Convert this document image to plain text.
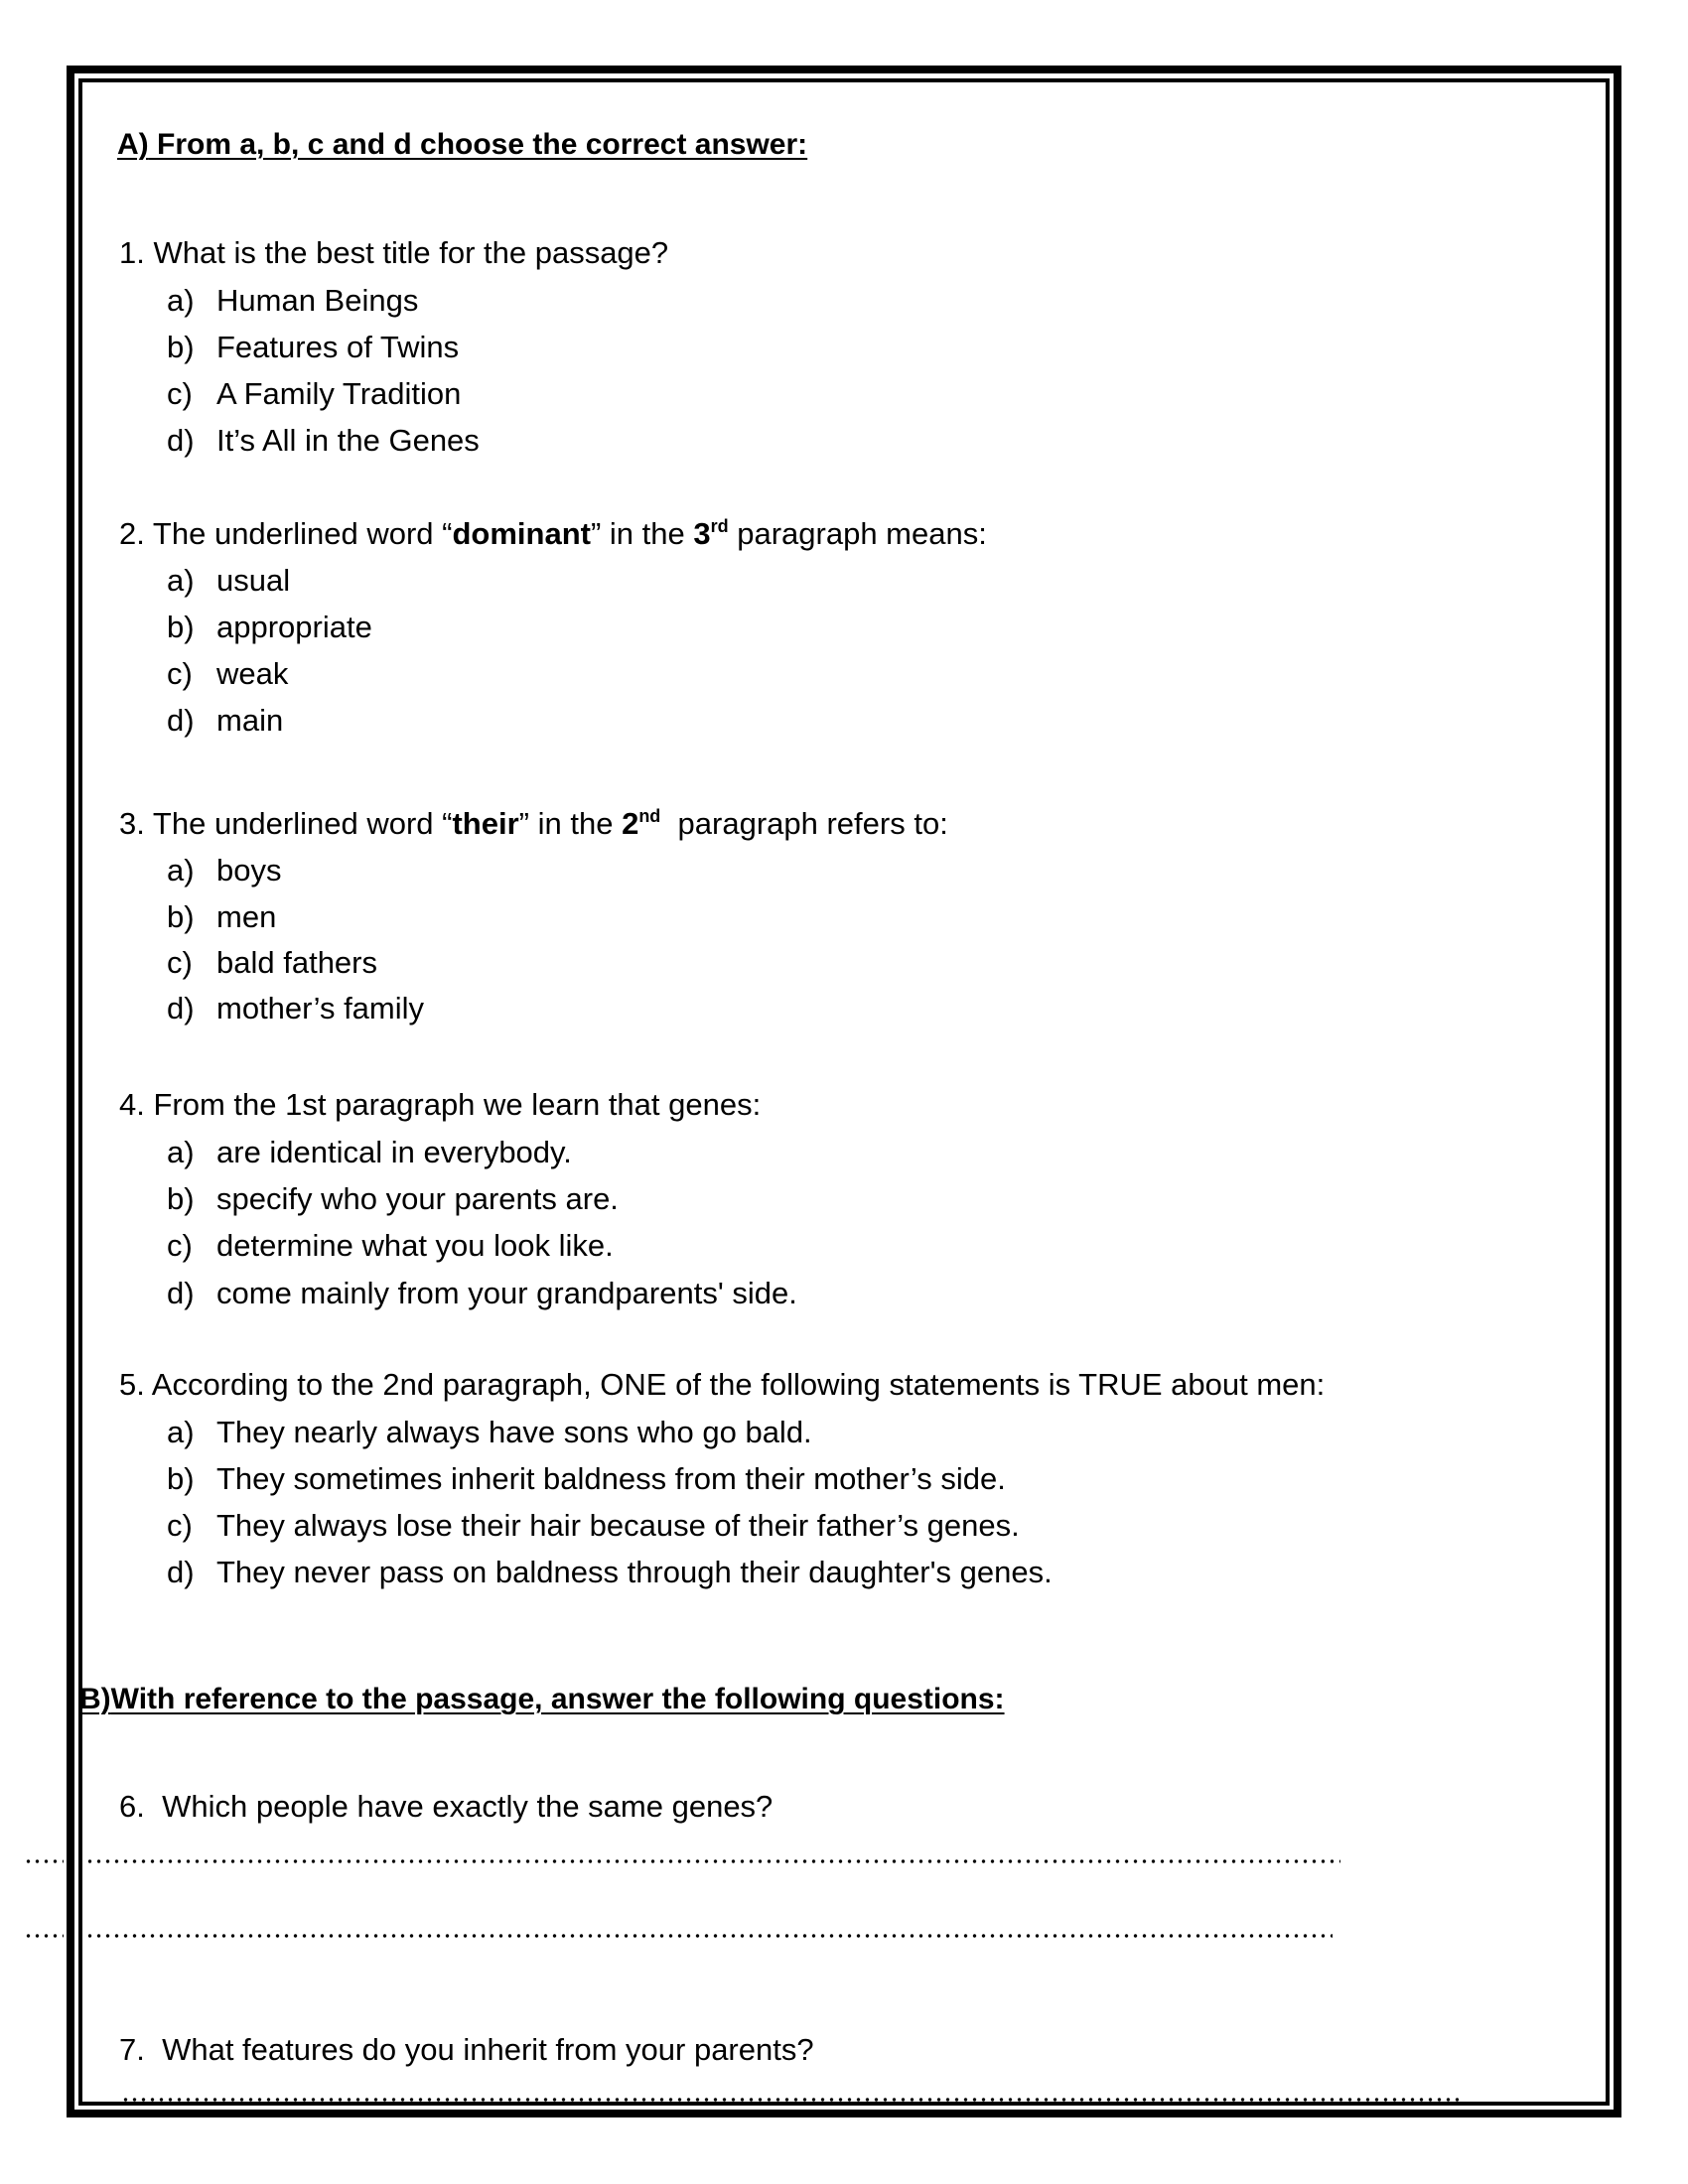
A) From a, b, c and d choose the correct answer:
1. What is the best title for the passage?
a) Human Beings
b) Features of Twins
c) A Family Tradition
d) It’s All in the Genes
2. The underlined word “dominant” in the 3rd paragraph means:
a) usual
b) appropriate
c) weak
d) main
3. The underlined word “their” in the 2nd  paragraph refers to:
a) boys
b) men
c) bald fathers
d) mother’s family
4. From the 1st paragraph we learn that genes:
a) are identical in everybody.
b) specify who your parents are.
c) determine what you look like.
d) come mainly from your grandparents' side.
5. According to the 2nd paragraph, ONE of the following statements is TRUE about men:
a) They nearly always have sons who go bald.
b) They sometimes inherit baldness from their mother’s side.
c) They always lose their hair because of their father’s genes.
d) They never pass on baldness through their daughter's genes.
B)With reference to the passage, answer the following questions:
6. Which people have exactly the same genes?
7. What features do you inherit from your parents?
